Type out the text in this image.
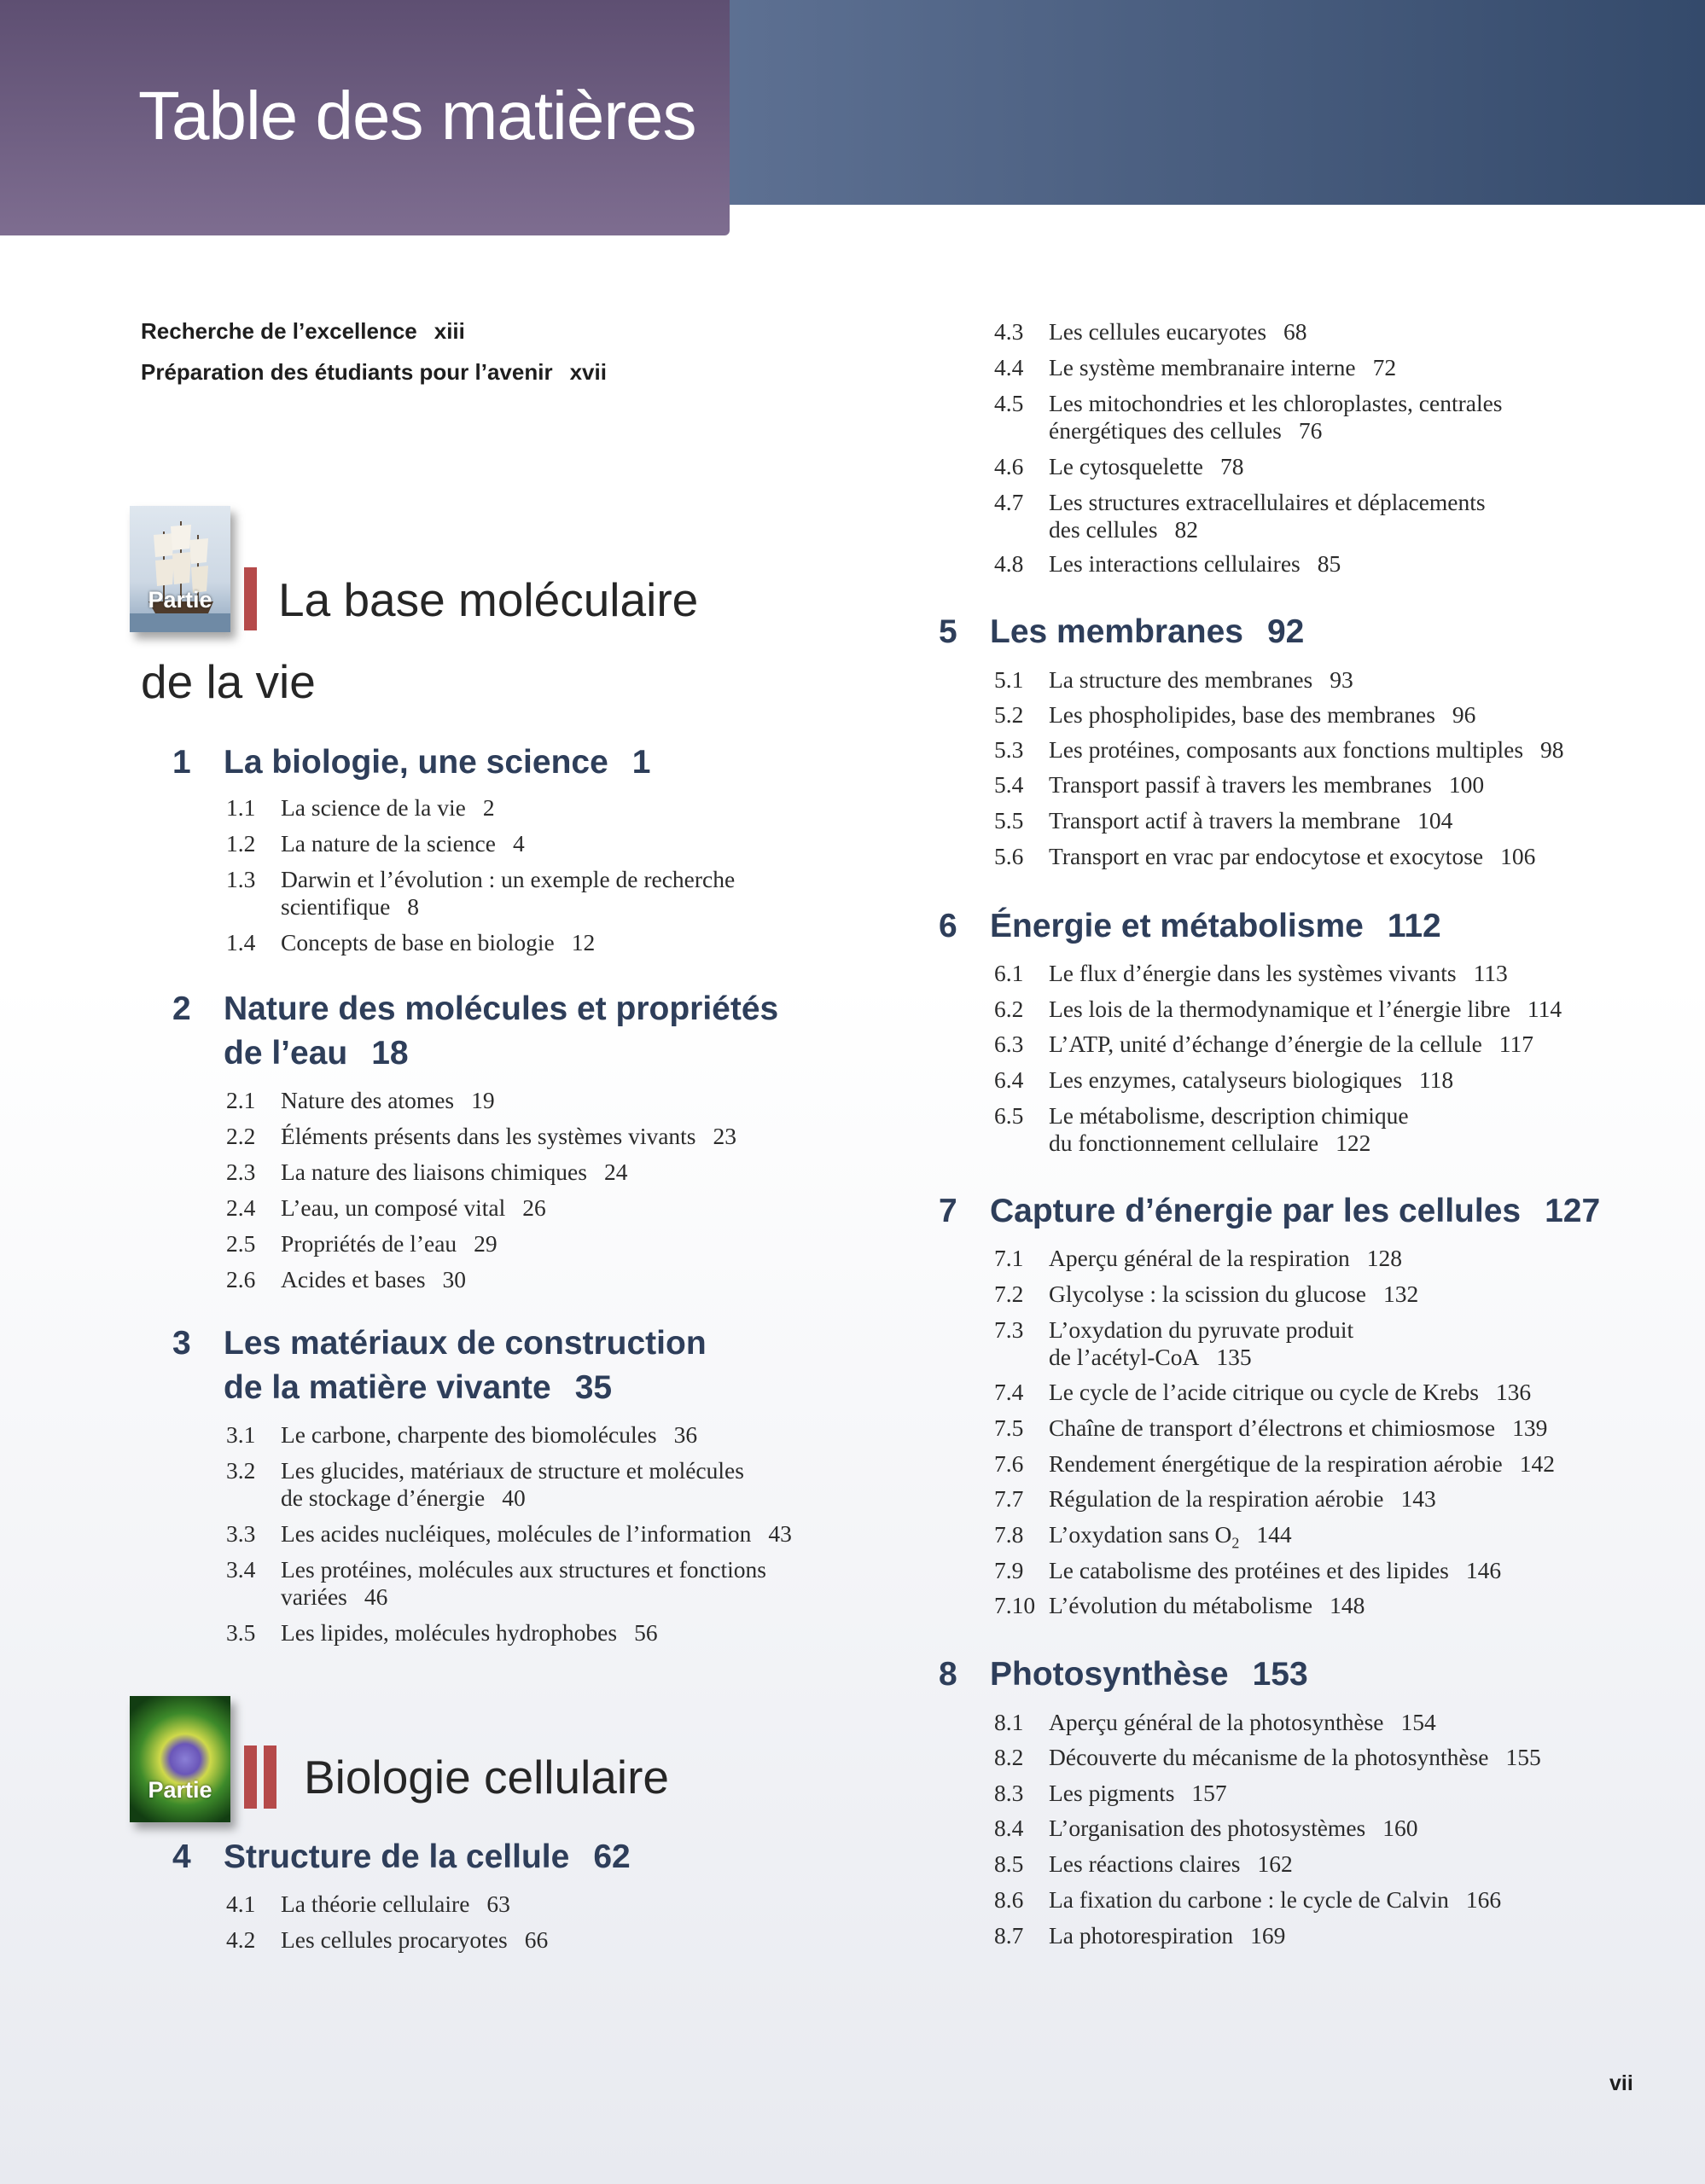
Table des matières
Recherche de l’excellence xiii
Préparation des étudiants pour l’avenir xvii
Partie	La base moléculaire
de la vie
Partie	Biologie cellulaire
1 La biologie, une science 1
1.1 La science de la vie 2
1.2 La nature de la science 4
1.3 Darwin et l’évolution : un exemple de recherche
scientifique 8
1.4 Concepts de base en biologie 12
2 Nature des molécules et propriétés
de l’eau 18
2.1 Nature des atomes 19
2.2 Éléments présents dans les systèmes vivants 23
2.3 La nature des liaisons chimiques 24
2.4 L’eau, un composé vital 26
2.5 Propriétés de l’eau 29
2.6 Acides et bases 30
3 Les matériaux de construction
de la matière vivante 35
3.1 Le carbone, charpente des biomolécules 36
3.2 Les glucides, matériaux de structure et molécules
de stockage d’énergie 40
3.3 Les acides nucléiques, molécules de l’information 43
3.4 Les protéines, molécules aux structures et fonctions
variées 46
3.5 Les lipides, molécules hydrophobes 56
4 Structure de la cellule 62
4.1 La théorie cellulaire 63
4.2 Les cellules procaryotes 66
4.3 Les cellules eucaryotes 68
4.4 Le système membranaire interne 72
4.5 Les mitochondries et les chloroplastes, centrales
énergétiques des cellules 76
4.6 Le cytosquelette 78
4.7 Les structures extracellulaires et déplacements
des cellules 82
4.8 Les interactions cellulaires 85
5 Les membranes 92
5.1 La structure des membranes 93
5.2 Les phospholipides, base des membranes 96
5.3 Les protéines, composants aux fonctions multiples 98
5.4 Transport passif à travers les membranes 100
5.5 Transport actif à travers la membrane 104
5.6 Transport en vrac par endocytose et exocytose 106
6 Énergie et métabolisme 112
6.1 Le flux d’énergie dans les systèmes vivants 113
6.2 Les lois de la thermodynamique et l’énergie libre 114
6.3 L’ATP, unité d’échange d’énergie de la cellule 117
6.4 Les enzymes, catalyseurs biologiques 118
6.5 Le métabolisme, description chimique
du fonctionnement cellulaire 122
7 Capture d’énergie par les cellules 127
7.1 Aperçu général de la respiration 128
7.2 Glycolyse : la scission du glucose 132
7.3 L’oxydation du pyruvate produit
de l’acétyl-CoA 135
7.4 Le cycle de l’acide citrique ou cycle de Krebs 136
7.5 Chaîne de transport d’électrons et chimiosmose 139
7.6 Rendement énergétique de la respiration aérobie 142
7.7 Régulation de la respiration aérobie 143
7.8 L’oxydation sans $O_2$ 144
7.9 Le catabolisme des protéines et des lipides 146
7.10 L’évolution du métabolisme 148
8 Photosynthèse 153
8.1 Aperçu général de la photosynthèse 154
8.2 Découverte du mécanisme de la photosynthèse 155
8.3 Les pigments 157
8.4 L’organisation des photosystèmes 160
8.5 Les réactions claires 162
8.6 La fixation du carbone : le cycle de Calvin 166
8.7 La photorespiration 169
vii
